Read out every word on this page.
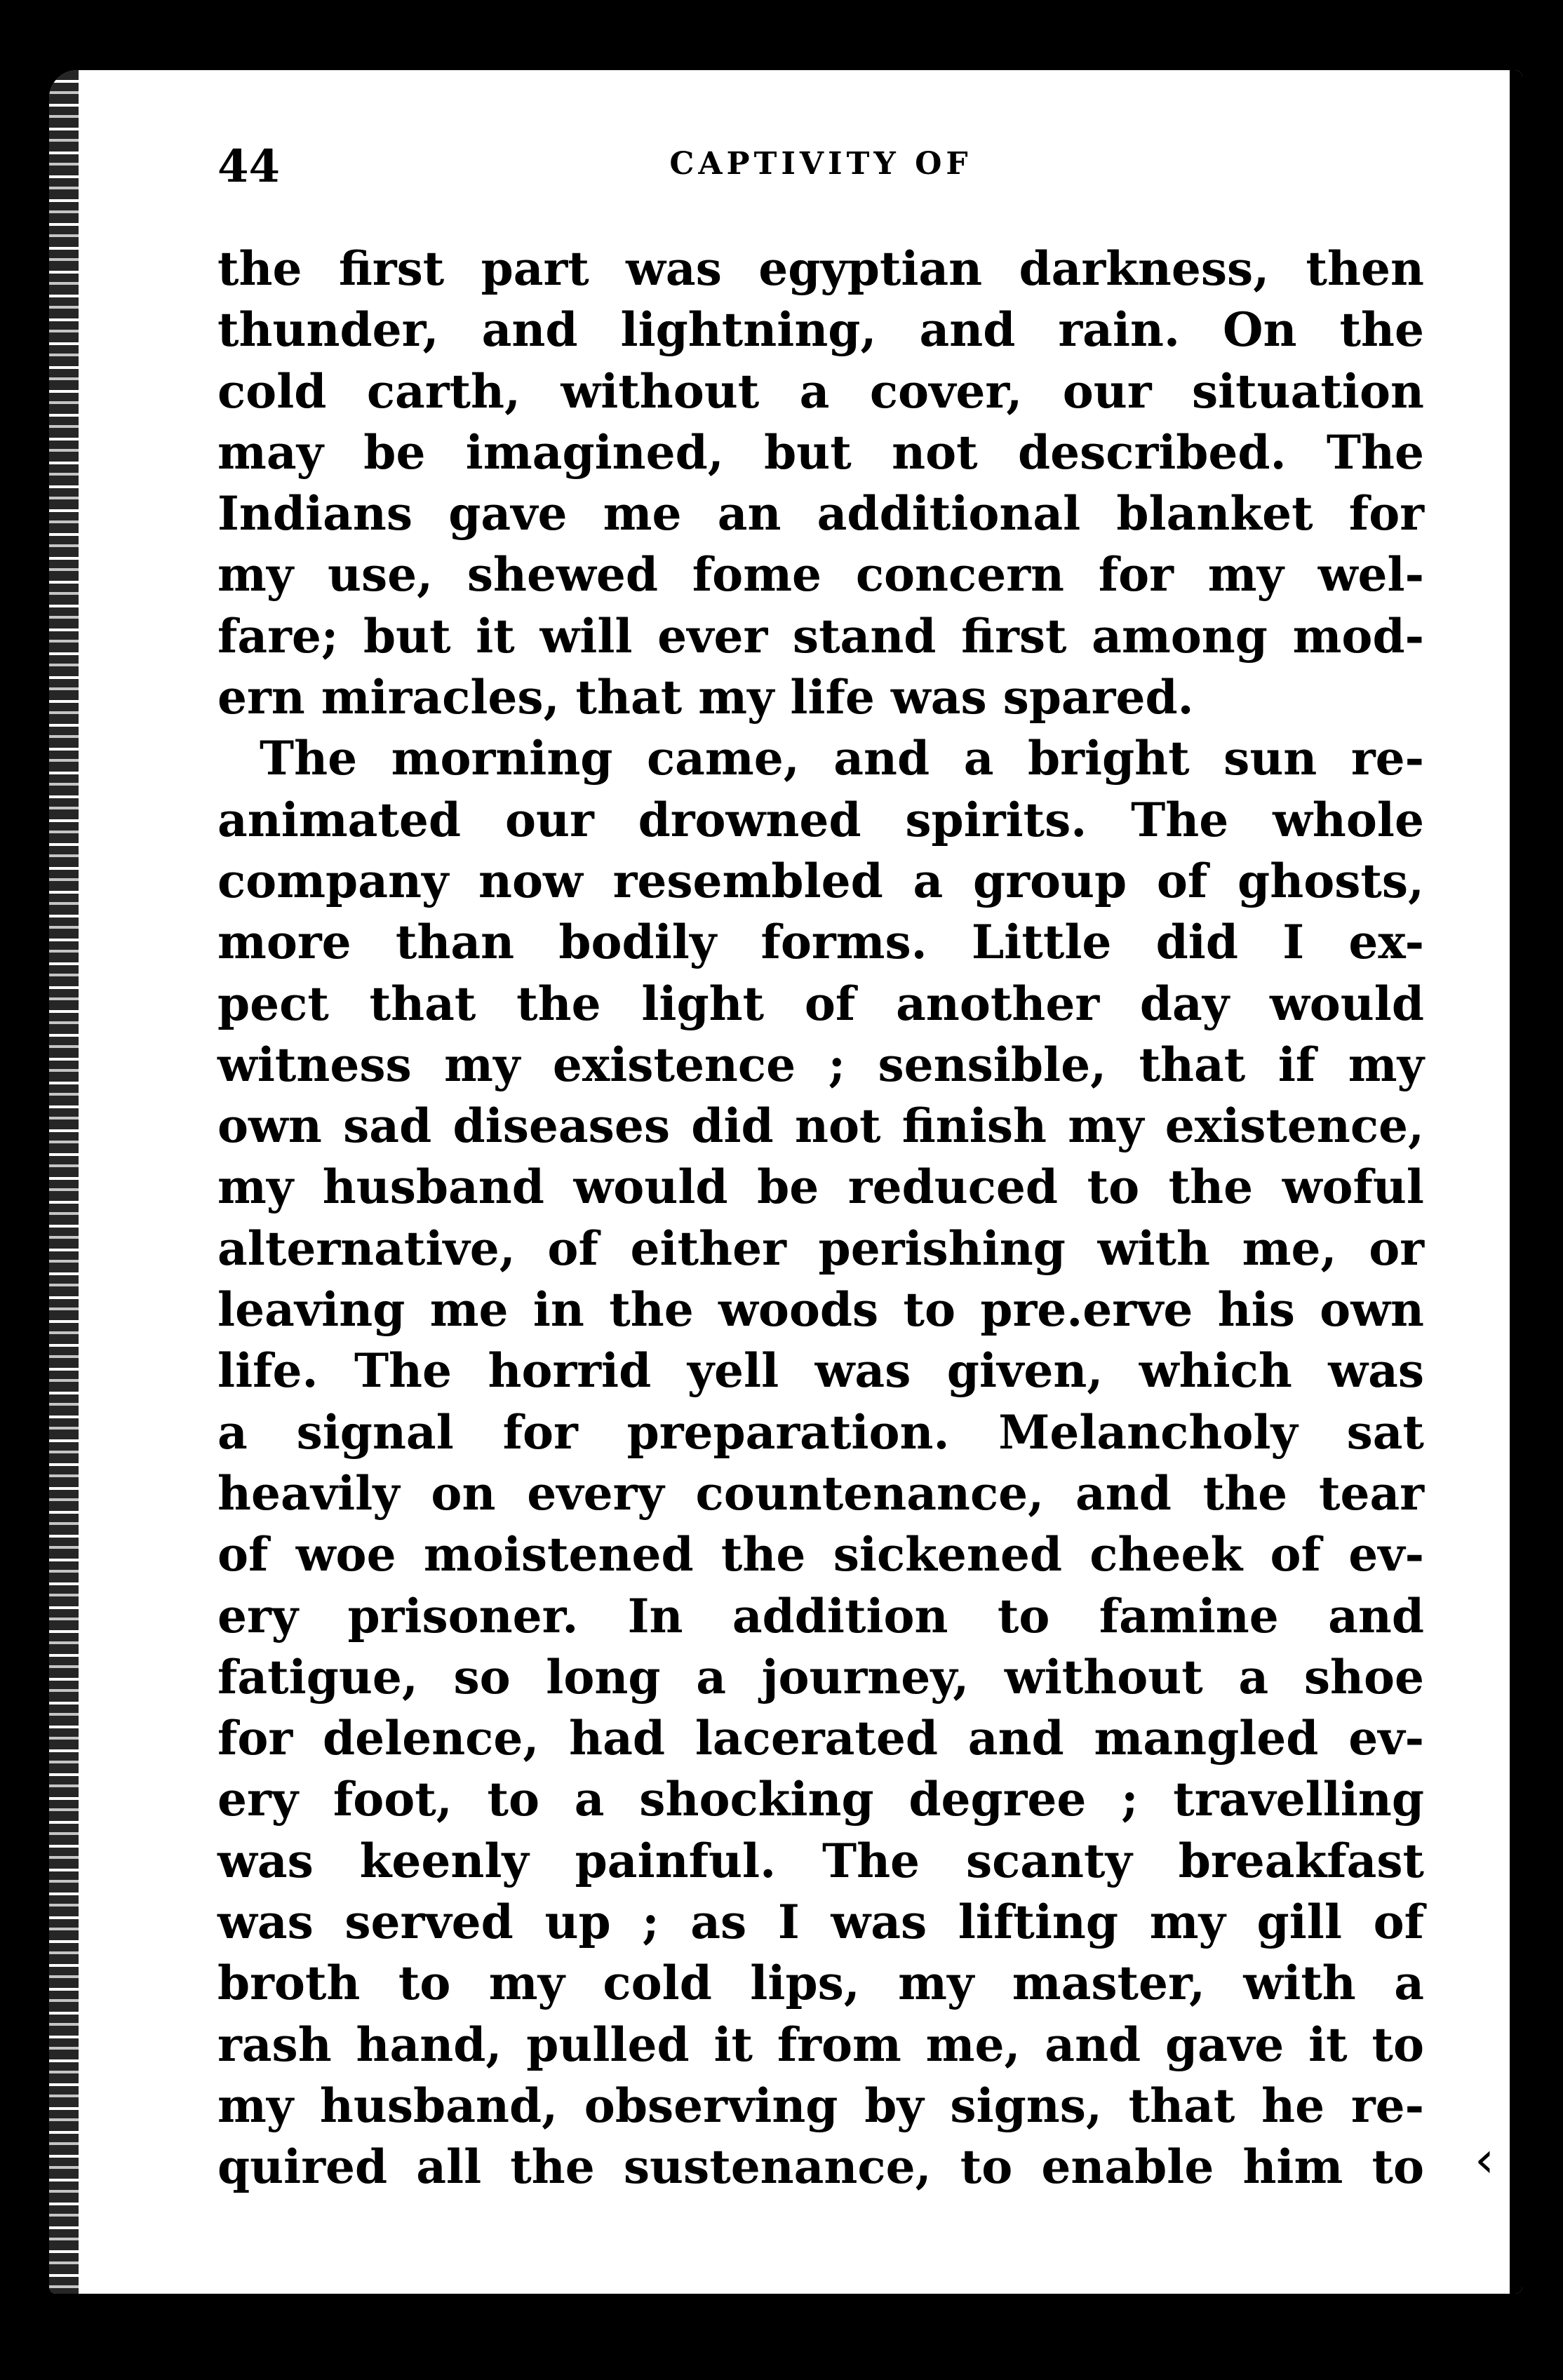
44	CAPTIVITY OF
the first part was egyptian darkness, then
thunder, and lightning, and rain. On the
cold carth, without a cover, our situation
may be imagined, but not described. The
Indians gave me an additional blanket for
my use, shewed fome concern for my wel-
fare; but it will ever stand first among mod-
ern miracles, that my life was spared.
The morning came, and a bright sun re-
animated our drowned spirits. The whole
company now resembled a group of ghosts,
more than bodily forms. Little did I ex-
pect that the light of another day would
witness my existence ; sensible, that if my
own sad diseases did not finish my existence,
my husband would be reduced to the woful
alternative, of either perishing with me, or
leaving me in the woods to pre.erve his own
life. The horrid yell was given, which was
a signal for preparation. Melancholy sat
heavily on every countenance, and the tear
of woe moistened the sickened cheek of ev-
ery prisoner. In addition to famine and
fatigue, so long a journey, without a shoe
for delence, had lacerated and mangled ev-
ery foot, to a shocking degree ; travelling
was keenly painful. The scanty breakfast
was served up ; as I was lifting my gill of
broth to my cold lips, my master, with a
rash hand, pulled it from me, and gave it to
my husband, observing by signs, that he re-
quired all the sustenance, to enable him to ‹
